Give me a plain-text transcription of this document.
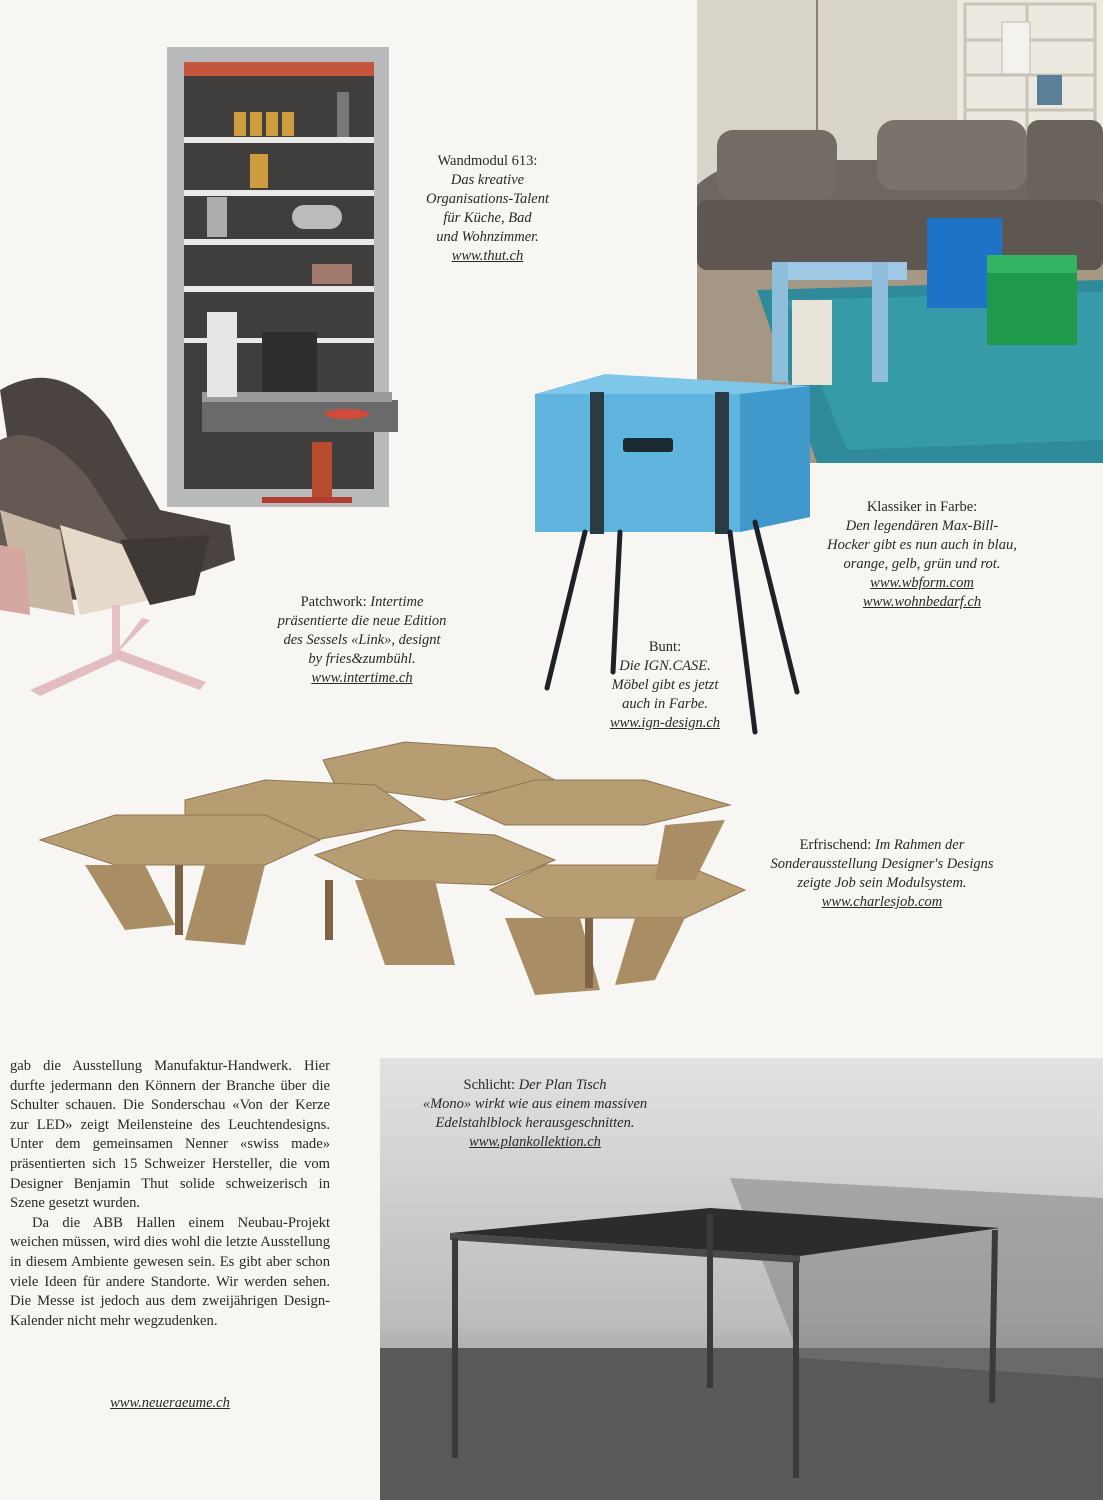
Wandmodul 613:
Das kreative
Organisations-Talent
für Küche, Bad
und Wohnzimmer.
www.thut.ch
Klassiker in Farbe:
Den legendären Max-Bill-
Hocker gibt es nun auch in blau,
orange, gelb, grün und rot.
www.wbform.com
www.wohnbedarf.ch
Patchwork: Intertime
präsentierte die neue Edition
des Sessels «Link», designt
by fries&zumbühl.
www.intertime.ch
Bunt:
Die IGN.CASE.
Möbel gibt es jetzt
auch in Farbe.
www.ign-design.ch
Erfrischend: Im Rahmen der
Sonderausstellung Designer's Designs
zeigte Job sein Modulsystem.
www.charlesjob.com
Schlicht: Der Plan Tisch
«Mono» wirkt wie aus einem massiven
Edelstahlblock herausgeschnitten.
www.plankollektion.ch

gab die Ausstellung Manufaktur-Handwerk. Hier durfte jedermann den Könnern der Branche über die Schulter schauen. Die Sonderschau «Von der Kerze zur LED» zeigt Meilensteine des Leuchtendesigns. Unter dem gemeinsamen Nenner «swiss made» präsentierten sich 15 Schweizer Hersteller, die vom Designer Benjamin Thut solide schweizerisch in Szene gesetzt wurden.

Da die ABB Hallen einem Neubau-Projekt weichen müssen, wird dies wohl die letzte Ausstellung in diesem Ambiente gewesen sein. Es gibt aber schon viele Ideen für andere Standorte. Wir werden sehen. Die Messe ist jedoch aus dem zweijährigen Design-Kalender nicht mehr wegzudenken.

www.neueraeume.ch
